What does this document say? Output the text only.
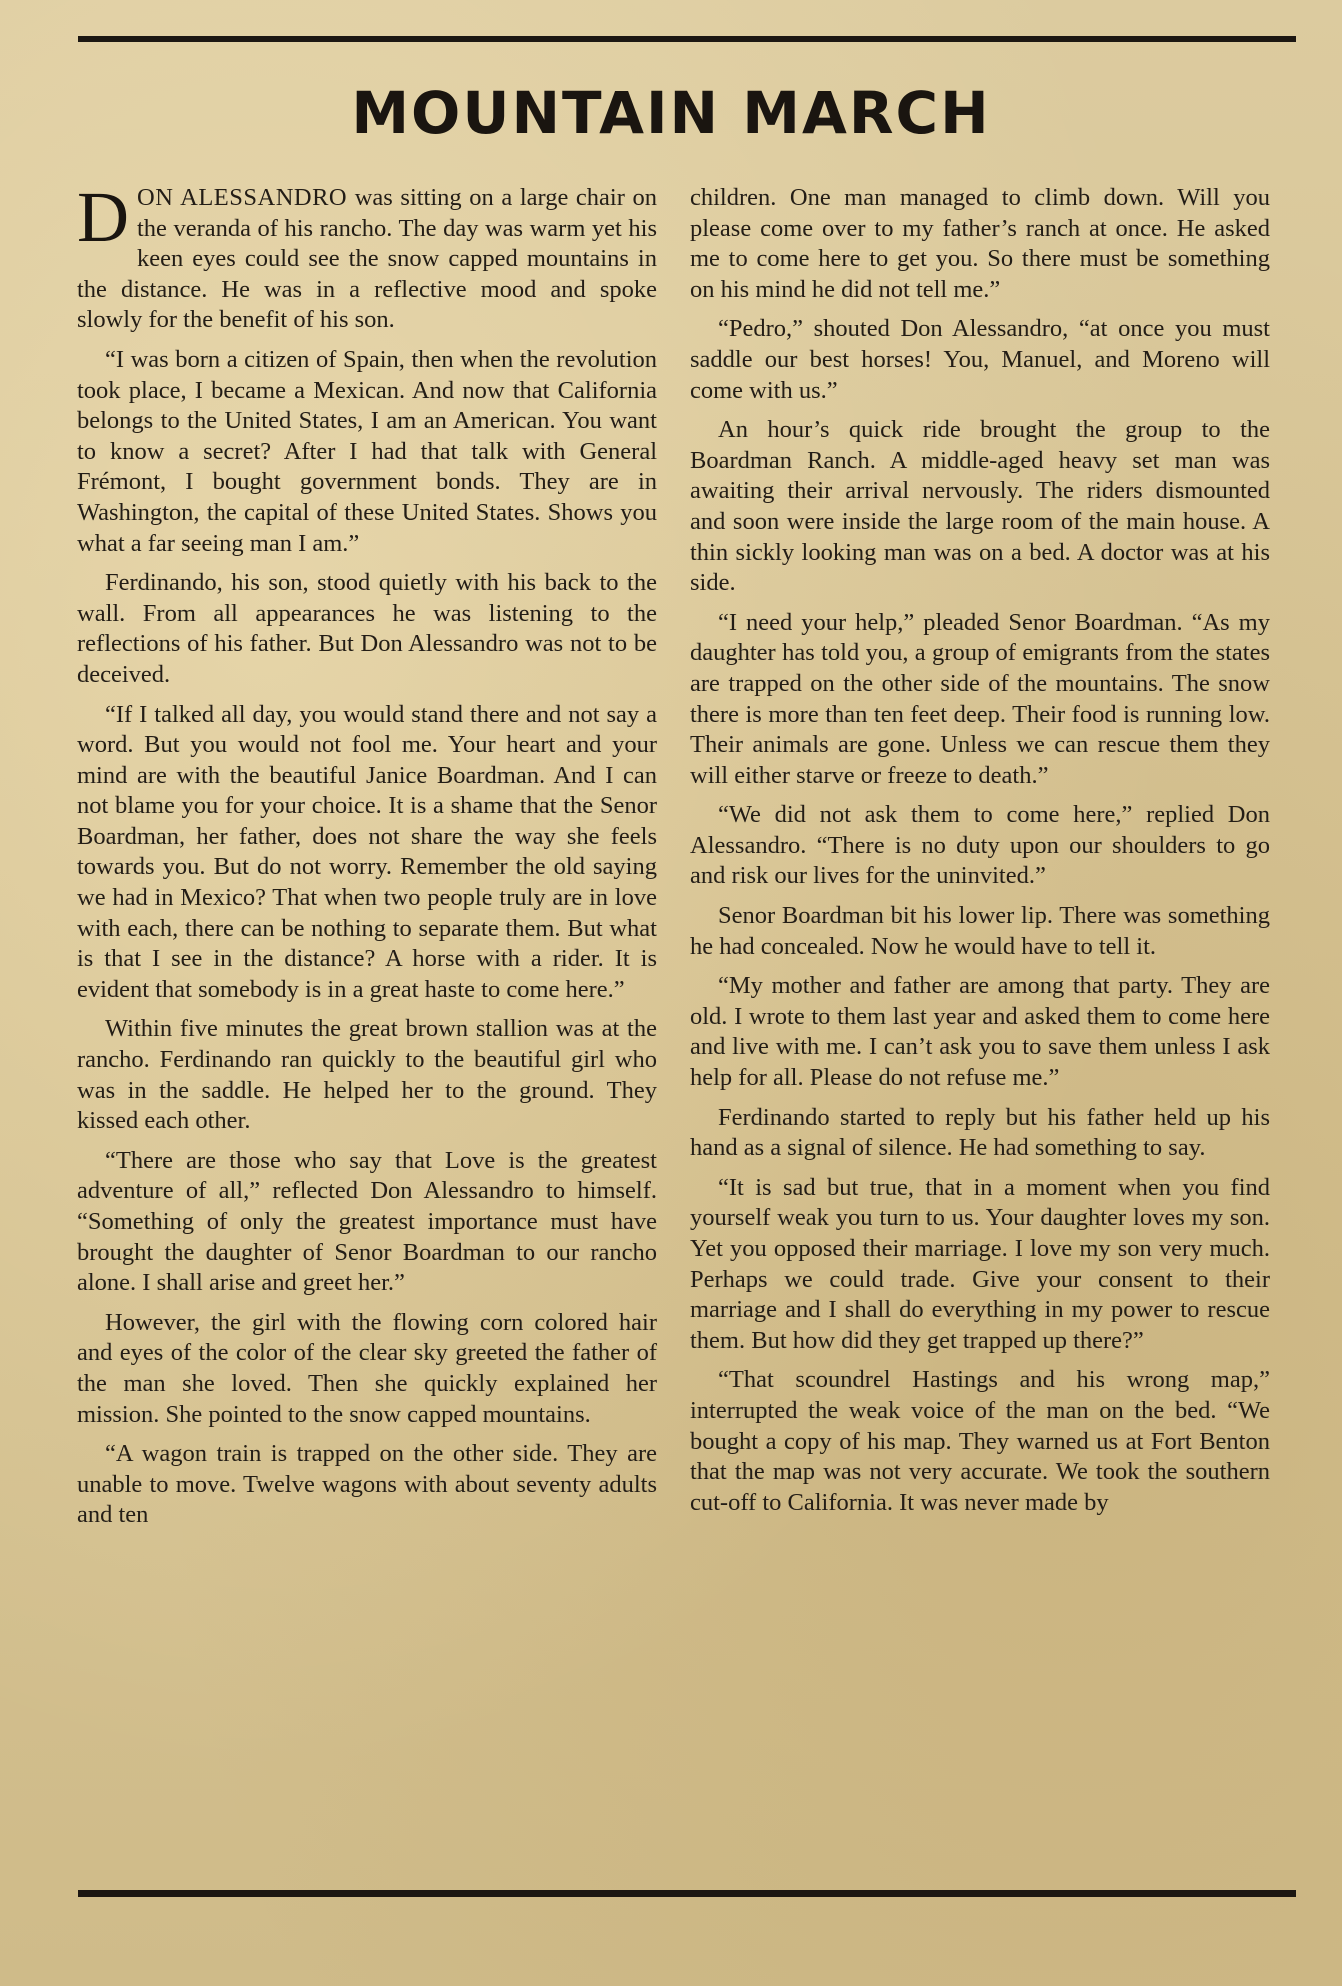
MOUNTAIN MARCH

DON ALESSANDRO was sitting on a large chair on the veranda of his rancho. The day was warm yet his keen eyes could see the snow capped mountains in the distance. He was in a reflective mood and spoke slowly for the benefit of his son.

“I was born a citizen of Spain, then when the revolution took place, I became a Mexican. And now that California belongs to the United States, I am an American. You want to know a secret? After I had that talk with General Frémont, I bought government bonds. They are in Washington, the capital of these United States. Shows you what a far seeing man I am.”

Ferdinando, his son, stood quietly with his back to the wall. From all appearances he was listening to the reflections of his father. But Don Alessandro was not to be deceived.

“If I talked all day, you would stand there and not say a word. But you would not fool me. Your heart and your mind are with the beautiful Janice Boardman. And I can not blame you for your choice. It is a shame that the Senor Boardman, her father, does not share the way she feels towards you. But do not worry. Remember the old saying we had in Mexico? That when two people truly are in love with each, there can be nothing to separate them. But what is that I see in the distance? A horse with a rider. It is evident that somebody is in a great haste to come here.”

Within five minutes the great brown stallion was at the rancho. Ferdinando ran quickly to the beautiful girl who was in the saddle. He helped her to the ground. They kissed each other.

“There are those who say that Love is the greatest adventure of all,” reflected Don Alessandro to himself. “Something of only the greatest importance must have brought the daughter of Senor Boardman to our rancho alone. I shall arise and greet her.”

However, the girl with the flowing corn colored hair and eyes of the color of the clear sky greeted the father of the man she loved. Then she quickly explained her mission. She pointed to the snow capped mountains.

“A wagon train is trapped on the other side. They are unable to move. Twelve wagons with about seventy adults and ten

children. One man managed to climb down. Will you please come over to my father’s ranch at once. He asked me to come here to get you. So there must be something on his mind he did not tell me.”

“Pedro,” shouted Don Alessandro, “at once you must saddle our best horses! You, Manuel, and Moreno will come with us.”

An hour’s quick ride brought the group to the Boardman Ranch. A middle-aged heavy set man was awaiting their arrival nervously. The riders dismounted and soon were inside the large room of the main house. A thin sickly looking man was on a bed. A doctor was at his side.

“I need your help,” pleaded Senor Boardman. “As my daughter has told you, a group of emigrants from the states are trapped on the other side of the mountains. The snow there is more than ten feet deep. Their food is running low. Their animals are gone. Unless we can rescue them they will either starve or freeze to death.”

“We did not ask them to come here,” replied Don Alessandro. “There is no duty upon our shoulders to go and risk our lives for the uninvited.”

Senor Boardman bit his lower lip. There was something he had concealed. Now he would have to tell it.

“My mother and father are among that party. They are old. I wrote to them last year and asked them to come here and live with me. I can’t ask you to save them unless I ask help for all. Please do not refuse me.”

Ferdinando started to reply but his father held up his hand as a signal of silence. He had something to say.

“It is sad but true, that in a moment when you find yourself weak you turn to us. Your daughter loves my son. Yet you opposed their marriage. I love my son very much. Perhaps we could trade. Give your consent to their marriage and I shall do everything in my power to rescue them. But how did they get trapped up there?”

“That scoundrel Hastings and his wrong map,” interrupted the weak voice of the man on the bed. “We bought a copy of his map. They warned us at Fort Benton that the map was not very accurate. We took the southern cut-off to California. It was never made by
